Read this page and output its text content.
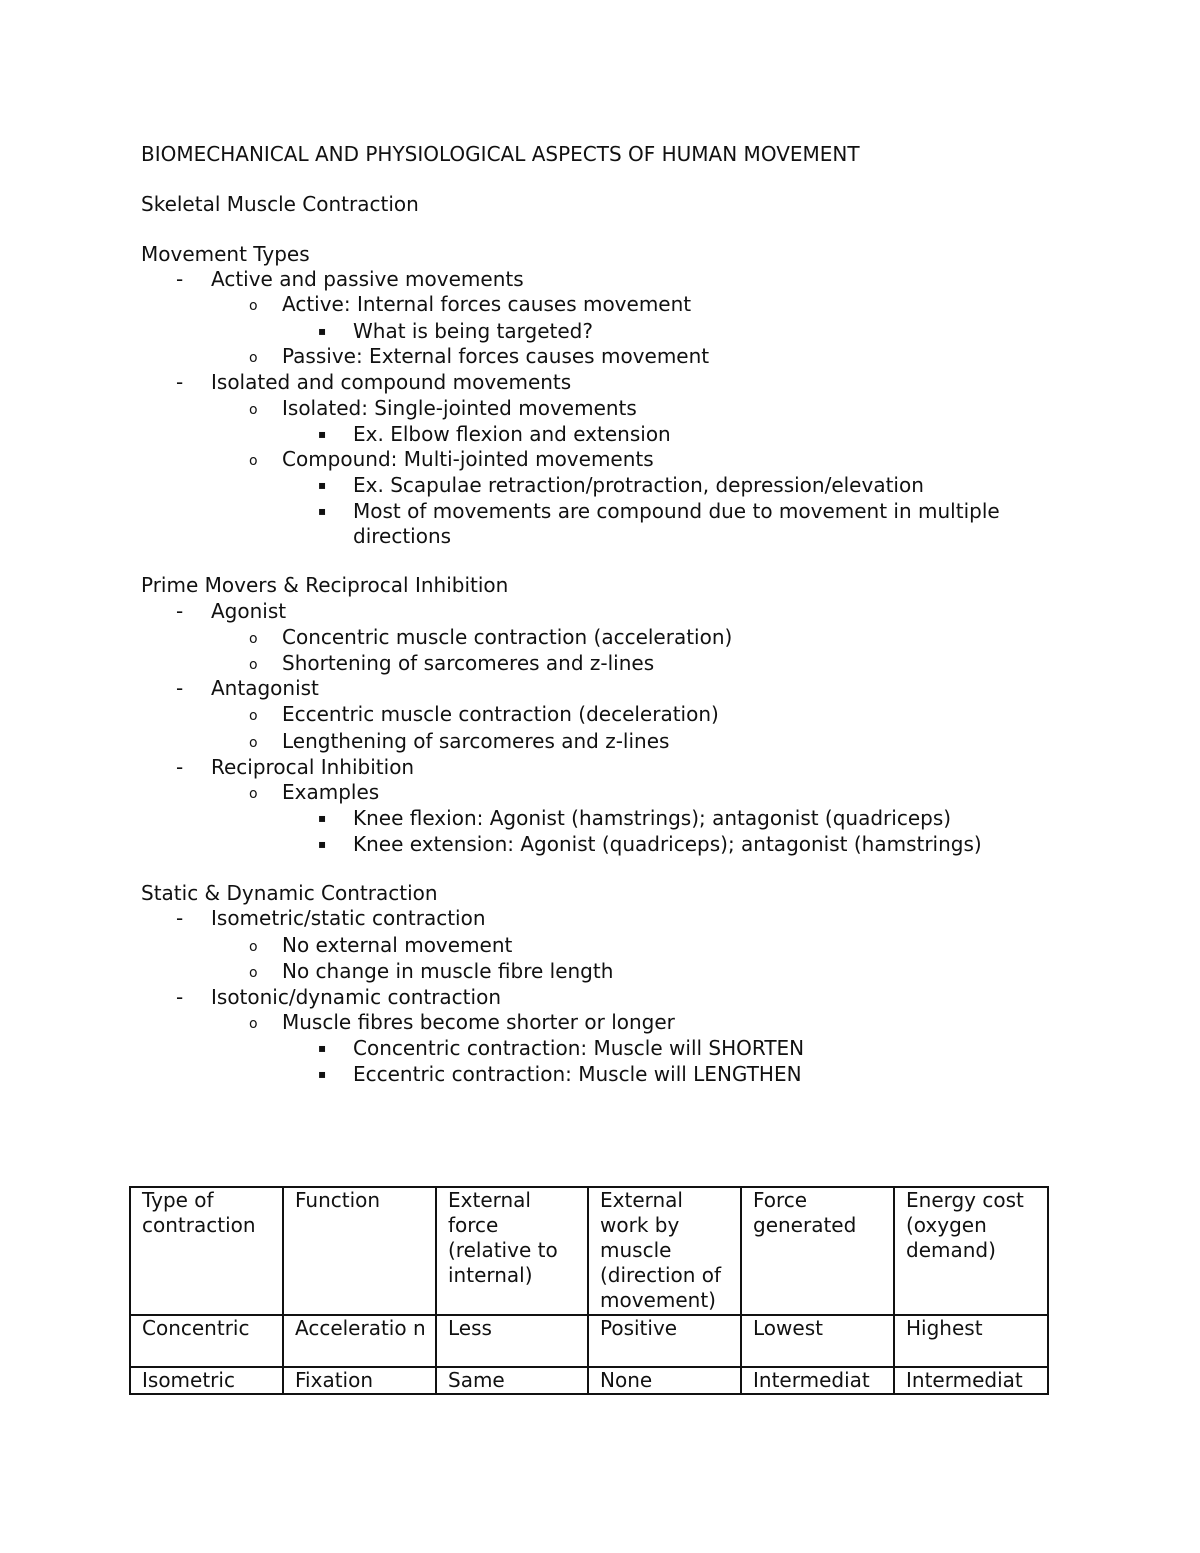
BIOMECHANICAL AND PHYSIOLOGICAL ASPECTS OF HUMAN MOVEMENT
Skeletal Muscle Contraction
Movement Types
- Active and passive movements
o Active: Internal forces causes movement
▪ What is being targeted?
o Passive: External forces causes movement
- Isolated and compound movements
o Isolated: Single-jointed movements
▪ Ex. Elbow flexion and extension
o Compound: Multi-jointed movements
▪ Ex. Scapulae retraction/protraction, depression/elevation
▪ Most of movements are compound due to movement in multiple
directions
Prime Movers & Reciprocal Inhibition
- Agonist
o Concentric muscle contraction (acceleration)
o Shortening of sarcomeres and z-lines
- Antagonist
o Eccentric muscle contraction (deceleration)
o Lengthening of sarcomeres and z-lines
- Reciprocal Inhibition
o Examples
▪ Knee flexion: Agonist (hamstrings); antagonist (quadriceps)
▪ Knee extension: Agonist (quadriceps); antagonist (hamstrings)
Static & Dynamic Contraction
- Isometric/static contraction
o No external movement
o No change in muscle fibre length
- Isotonic/dynamic contraction
o Muscle fibres become shorter or longer
▪ Concentric contraction: Muscle will SHORTEN
▪ Eccentric contraction: Muscle will LENGTHEN
Type of contraction	Function	External force (relative to internal)	External work by muscle (direction of movement)	Force generated	Energy cost (oxygen demand)
Concentric	Acceleratio n	Less	Positive	Lowest	Highest
Isometric	Fixation	Same	None	Intermediat	Intermediat
